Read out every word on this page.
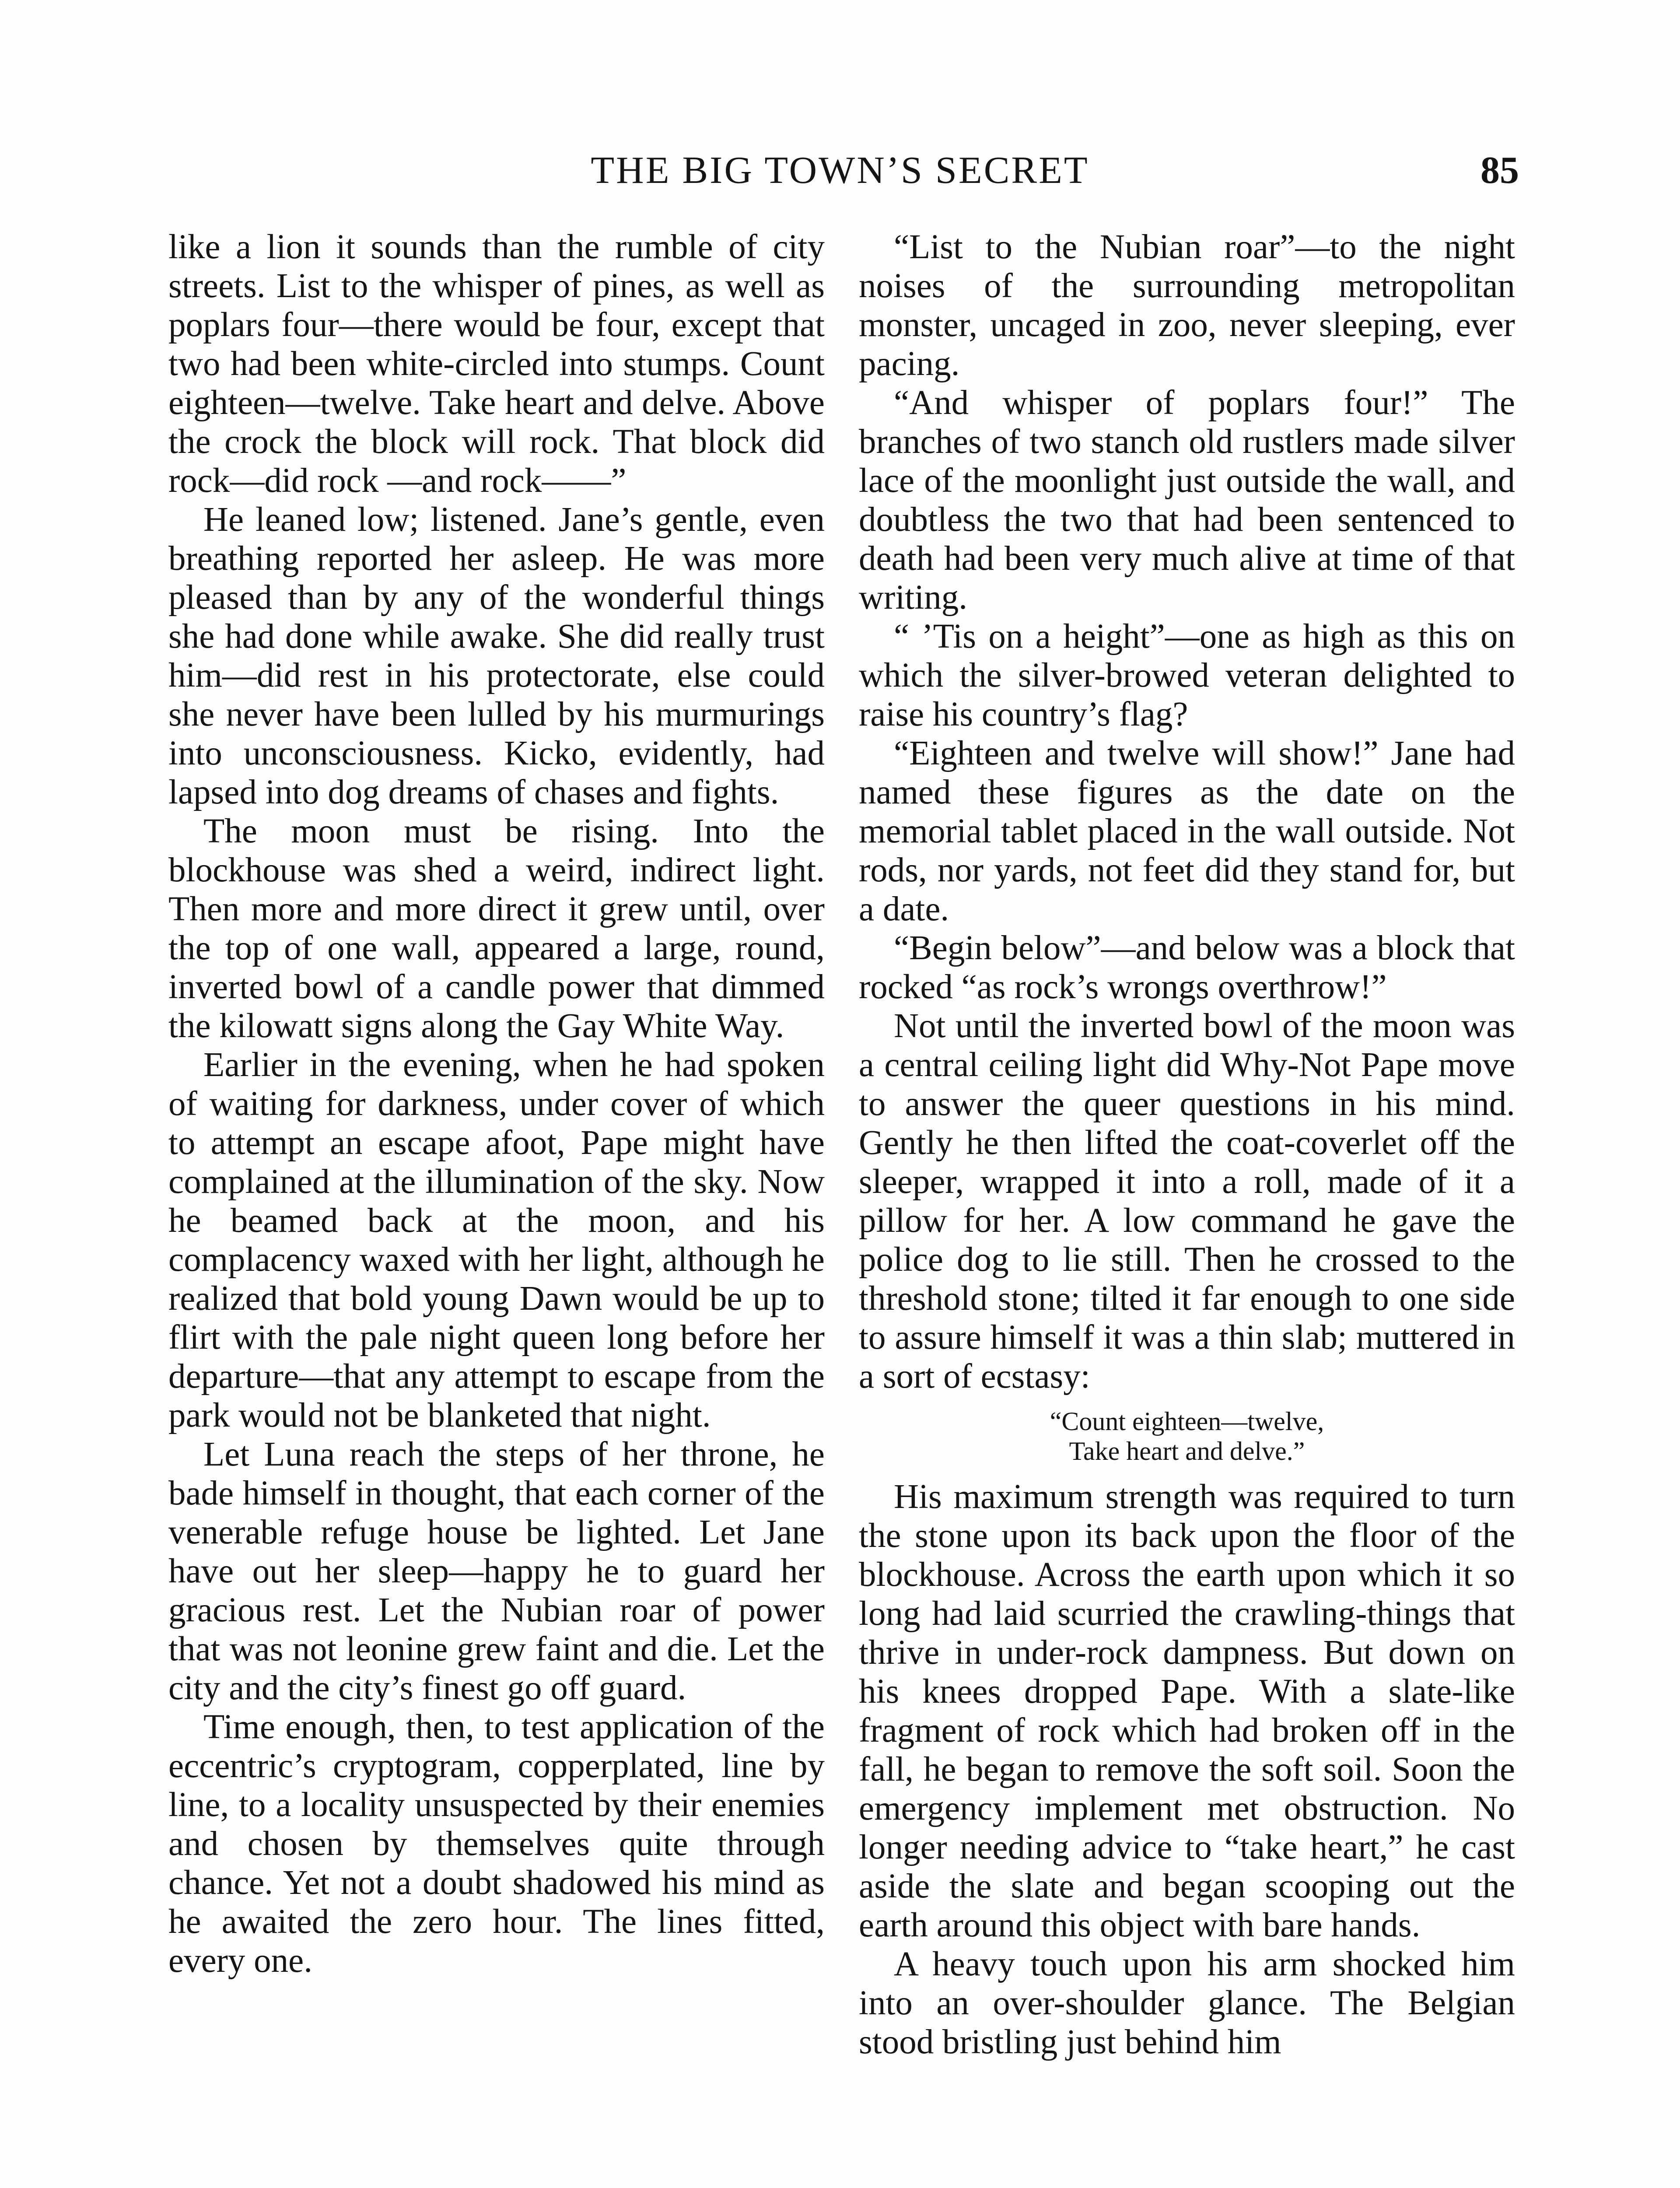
THE BIG TOWN’S SECRET	85

like a lion it sounds than the rumble of city streets. List to the whisper of pines, as well as poplars four—there would be four, except that two had been white-circled into stumps. Count eighteen—twelve. Take heart and delve. Above the crock the block will rock. That block did rock—did rock —and rock——”

He leaned low; listened. Jane’s gentle, even breathing reported her asleep. He was more pleased than by any of the wonderful things she had done while awake. She did really trust him—did rest in his protectorate, else could she never have been lulled by his murmurings into unconsciousness. Kicko, evidently, had lapsed into dog dreams of chases and fights.

The moon must be rising. Into the blockhouse was shed a weird, indirect light. Then more and more direct it grew until, over the top of one wall, appeared a large, round, inverted bowl of a candle power that dimmed the kilowatt signs along the Gay White Way.

Earlier in the evening, when he had spoken of waiting for darkness, under cover of which to attempt an escape afoot, Pape might have complained at the illumination of the sky. Now he beamed back at the moon, and his complacency waxed with her light, although he realized that bold young Dawn would be up to flirt with the pale night queen long before her departure—that any attempt to escape from the park would not be blanketed that night.

Let Luna reach the steps of her throne, he bade himself in thought, that each corner of the venerable refuge house be lighted. Let Jane have out her sleep—happy he to guard her gracious rest. Let the Nubian roar of power that was not leonine grew faint and die. Let the city and the city’s finest go off guard.

Time enough, then, to test application of the eccentric’s cryptogram, copperplated, line by line, to a locality unsuspected by their enemies and chosen by themselves quite through chance. Yet not a doubt shadowed his mind as he awaited the zero hour. The lines fitted, every one.

“List to the Nubian roar”—to the night noises of the surrounding metropolitan monster, uncaged in zoo, never sleeping, ever pacing.

“And whisper of poplars four!” The branches of two stanch old rustlers made silver lace of the moonlight just outside the wall, and doubtless the two that had been sentenced to death had been very much alive at time of that writing.

“ ’Tis on a height”—one as high as this on which the silver-browed veteran delighted to raise his country’s flag?

“Eighteen and twelve will show!” Jane had named these figures as the date on the memorial tablet placed in the wall outside. Not rods, nor yards, not feet did they stand for, but a date.

“Begin below”—and below was a block that rocked “as rock’s wrongs overthrow!”

Not until the inverted bowl of the moon was a central ceiling light did Why-Not Pape move to answer the queer questions in his mind. Gently he then lifted the coat-coverlet off the sleeper, wrapped it into a roll, made of it a pillow for her. A low command he gave the police dog to lie still. Then he crossed to the threshold stone; tilted it far enough to one side to assure himself it was a thin slab; muttered in a sort of ecstasy:

“Count eighteen—twelve,
Take heart and delve.”

His maximum strength was required to turn the stone upon its back upon the floor of the blockhouse. Across the earth upon which it so long had laid scurried the crawling-things that thrive in under-rock dampness. But down on his knees dropped Pape. With a slate-like fragment of rock which had broken off in the fall, he began to remove the soft soil. Soon the emergency implement met obstruction. No longer needing advice to “take heart,” he cast aside the slate and began scooping out the earth around this object with bare hands.

A heavy touch upon his arm shocked him into an over-shoulder glance. The Belgian stood bristling just behind him
